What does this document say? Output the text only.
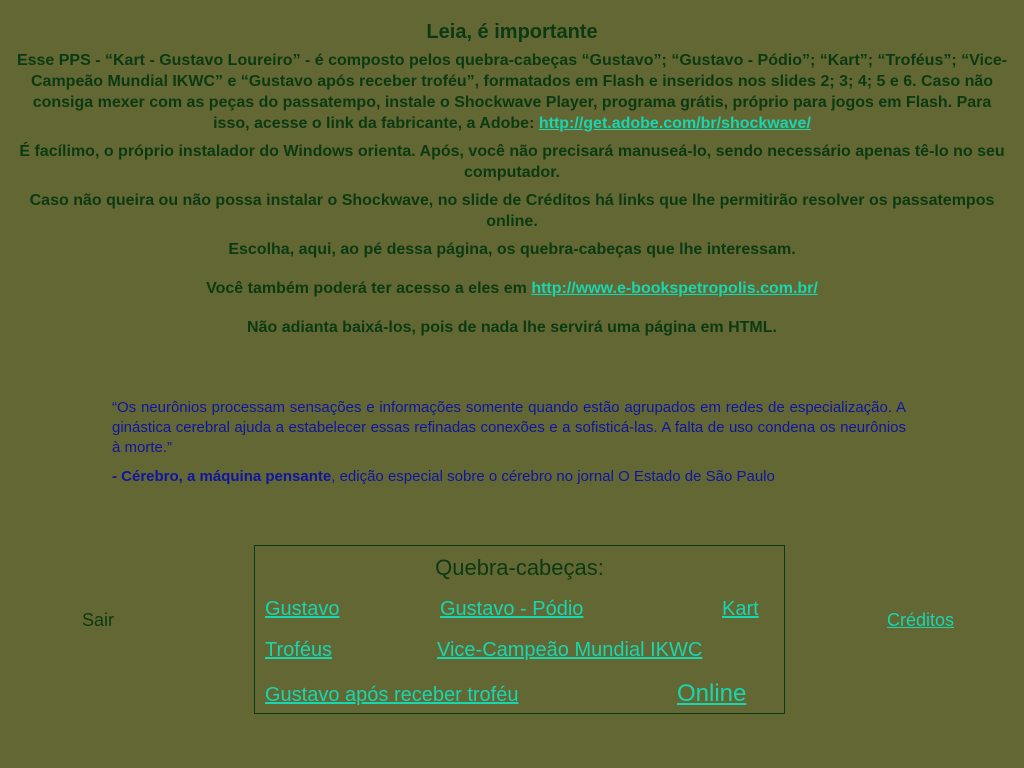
Leia, é importante

Esse PPS - “Kart - Gustavo Loureiro” - é composto pelos quebra-cabeças “Gustavo”; “Gustavo - Pódio”; “Kart”; “Troféus”; “Vice-Campeão Mundial IKWC” e “Gustavo após receber troféu”, formatados em Flash e inseridos nos slides 2; 3; 4; 5 e 6. Caso não consiga mexer com as peças do passatempo, instale o Shockwave Player, programa grátis, próprio para jogos em Flash. Para isso, acesse o link da fabricante, a Adobe: http://get.adobe.com/br/shockwave/

É facílimo, o próprio instalador do Windows orienta. Após, você não precisará manuseá-lo, sendo necessário apenas tê-lo no seu computador.

Caso não queira ou não possa instalar o Shockwave, no slide de Créditos há links que lhe permitirão resolver os passatempos online.

Escolha, aqui, ao pé dessa página, os quebra-cabeças que lhe interessam.

Você também poderá ter acesso a eles em http://www.e-bookspetropolis.com.br/

Não adianta baixá-los, pois de nada lhe servirá uma página em HTML.

“Os neurônios processam sensações e informações somente quando estão agrupados em redes de especialização. A ginástica cerebral ajuda a estabelecer essas refinadas conexões e a sofisticá-las. A falta de uso condena os neurônios à morte.”

- Cérebro, a máquina pensante, edição especial sobre o cérebro no jornal O Estado de São Paulo

Quebra-cabeças:
Gustavo	Gustavo - Pódio	Kart
Troféus	Vice-Campeão Mundial IKWC
Gustavo após receber troféu	Online
Sair	Créditos
